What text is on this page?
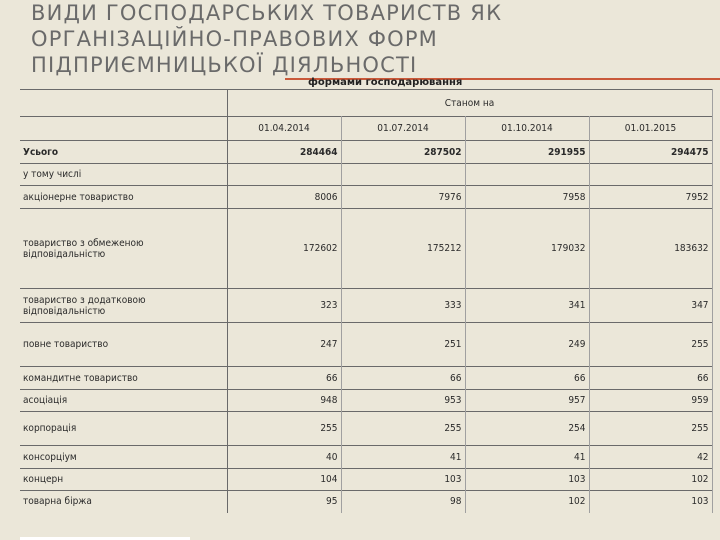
ВИДИ ГОСПОДАРСЬКИХ ТОВАРИСТВ ЯК
ОРГАНІЗАЦІЙНО-ПРАВОВИХ ФОРМ
ПІДПРИЄМНИЦЬКОЇ ДІЯЛЬНОСТІ
формами господарювання
	Станом на			
	01.04.2014	01.07.2014	01.10.2014	01.01.2015
Усього	284464	287502	291955	294475
у тому числі				
акціонерне товариство	8006	7976	7958	7952
товариство з обмеженою відповідальністю	172602	175212	179032	183632
товариство з додатковою відповідальністю	323	333	341	347
повне товариство	247	251	249	255
командитне товариство	66	66	66	66
асоціація	948	953	957	959
корпорація	255	255	254	255
консорціум	40	41	41	42
концерн	104	103	103	102
товарна біржа	95	98	102	103
